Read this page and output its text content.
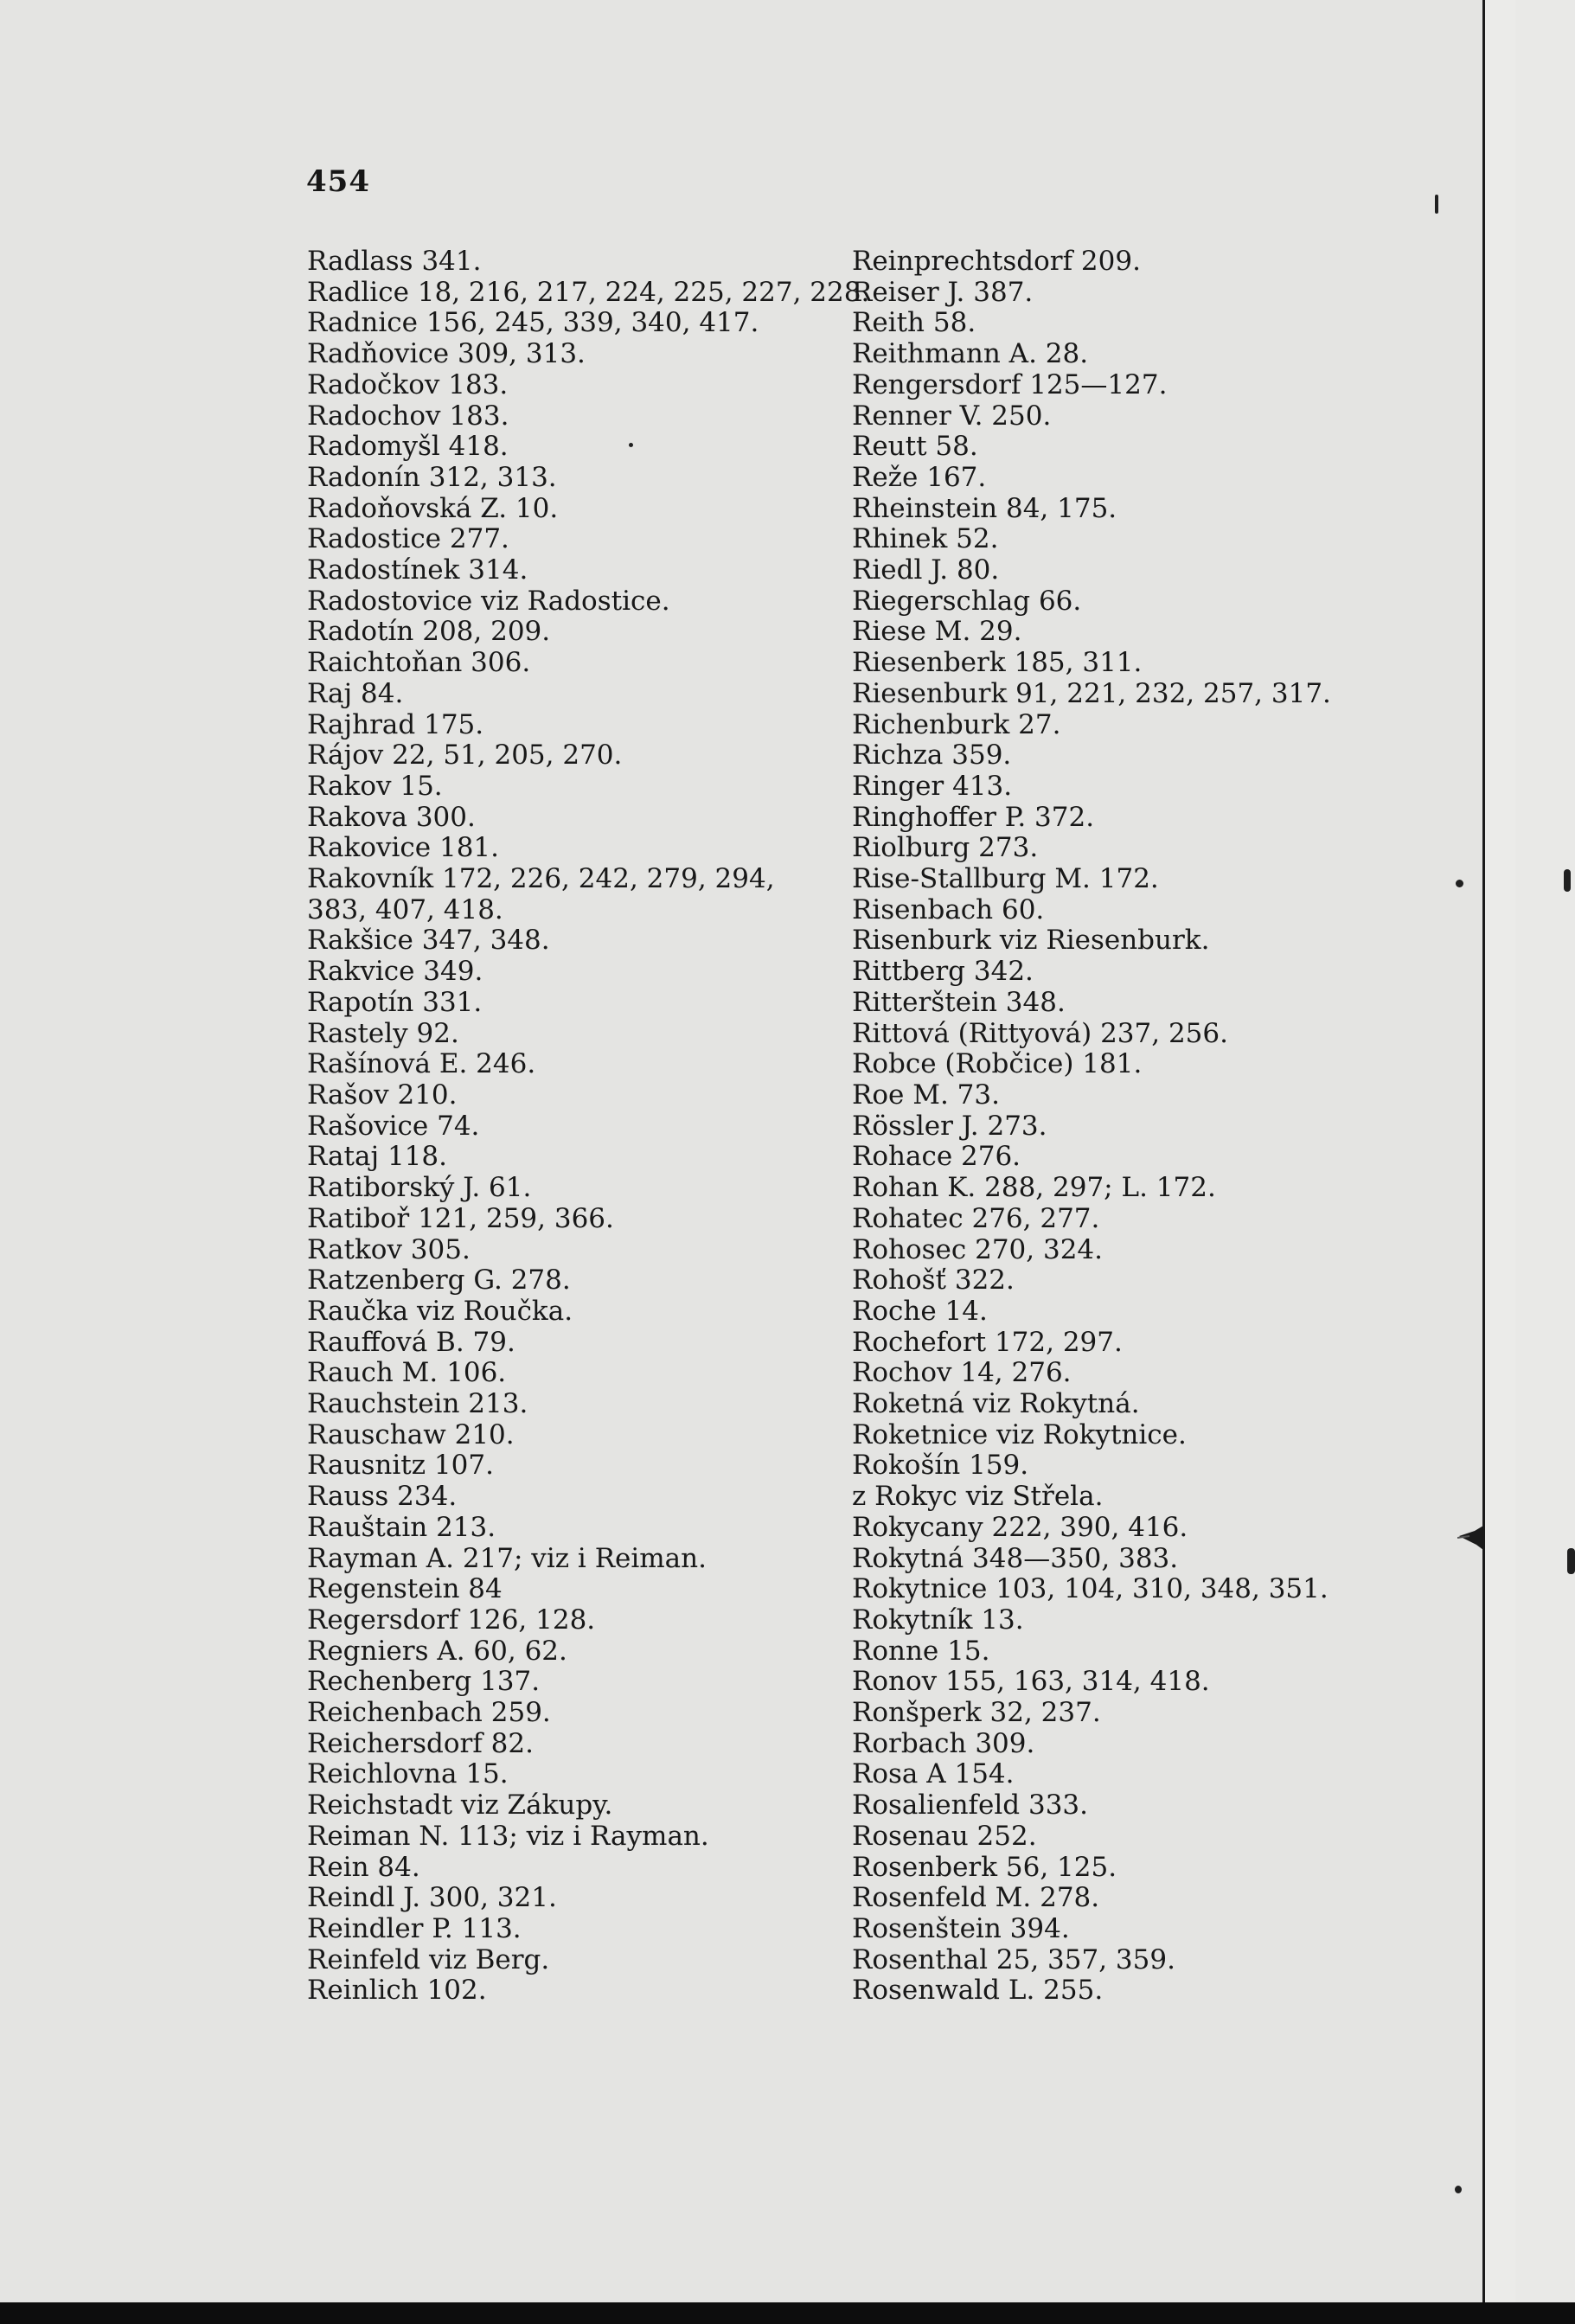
454
Radlass 341.
Radlice 18, 216, 217, 224, 225, 227, 228.
Radnice 156, 245, 339, 340, 417.
Radňovice 309, 313.
Radočkov 183.
Radochov 183.
Radomyšl 418.
Radonín 312, 313.
Radoňovská Z. 10.
Radostice 277.
Radostínek 314.
Radostovice viz Radostice.
Radotín 208, 209.
Raichtoňan 306.
Raj 84.
Rajhrad 175.
Rájov 22, 51, 205, 270.
Rakov 15.
Rakova 300.
Rakovice 181.
Rakovník 172, 226, 242, 279, 294,
383, 407, 418.
Rakšice 347, 348.
Rakvice 349.
Rapotín 331.
Rastely 92.
Rašínová E. 246.
Rašov 210.
Rašovice 74.
Rataj 118.
Ratiborský J. 61.
Ratiboř 121, 259, 366.
Ratkov 305.
Ratzenberg G. 278.
Raučka viz Roučka.
Rauffová B. 79.
Rauch M. 106.
Rauchstein 213.
Rauschaw 210.
Rausnitz 107.
Rauss 234.
Rauštain 213.
Rayman A. 217; viz i Reiman.
Regenstein 84
Regersdorf 126, 128.
Regniers A. 60, 62.
Rechenberg 137.
Reichenbach 259.
Reichersdorf 82.
Reichlovna 15.
Reichstadt viz Zákupy.
Reiman N. 113; viz i Rayman.
Rein 84.
Reindl J. 300, 321.
Reindler P. 113.
Reinfeld viz Berg.
Reinlich 102.
Reinprechtsdorf 209.
Reiser J. 387.
Reith 58.
Reithmann A. 28.
Rengersdorf 125—127.
Renner V. 250.
Reutt 58.
Reže 167.
Rheinstein 84, 175.
Rhinek 52.
Riedl J. 80.
Riegerschlag 66.
Riese M. 29.
Riesenberk 185, 311.
Riesenburk 91, 221, 232, 257, 317.
Richenburk 27.
Richza 359.
Ringer 413.
Ringhoffer P. 372.
Riolburg 273.
Rise-Stallburg M. 172.
Risenbach 60.
Risenburk viz Riesenburk.
Rittberg 342.
Ritterštein 348.
Rittová (Rittyová) 237, 256.
Robce (Robčice) 181.
Roe M. 73.
Rössler J. 273.
Rohace 276.
Rohan K. 288, 297; L. 172.
Rohatec 276, 277.
Rohosec 270, 324.
Rohošť 322.
Roche 14.
Rochefort 172, 297.
Rochov 14, 276.
Roketná viz Rokytná.
Roketnice viz Rokytnice.
Rokošín 159.
z Rokyc viz Střela.
Rokycany 222, 390, 416.
Rokytná 348—350, 383.
Rokytnice 103, 104, 310, 348, 351.
Rokytník 13.
Ronne 15.
Ronov 155, 163, 314, 418.
Ronšperk 32, 237.
Rorbach 309.
Rosa A 154.
Rosalienfeld 333.
Rosenau 252.
Rosenberk 56, 125.
Rosenfeld M. 278.
Rosenštein 394.
Rosenthal 25, 357, 359.
Rosenwald L. 255.
